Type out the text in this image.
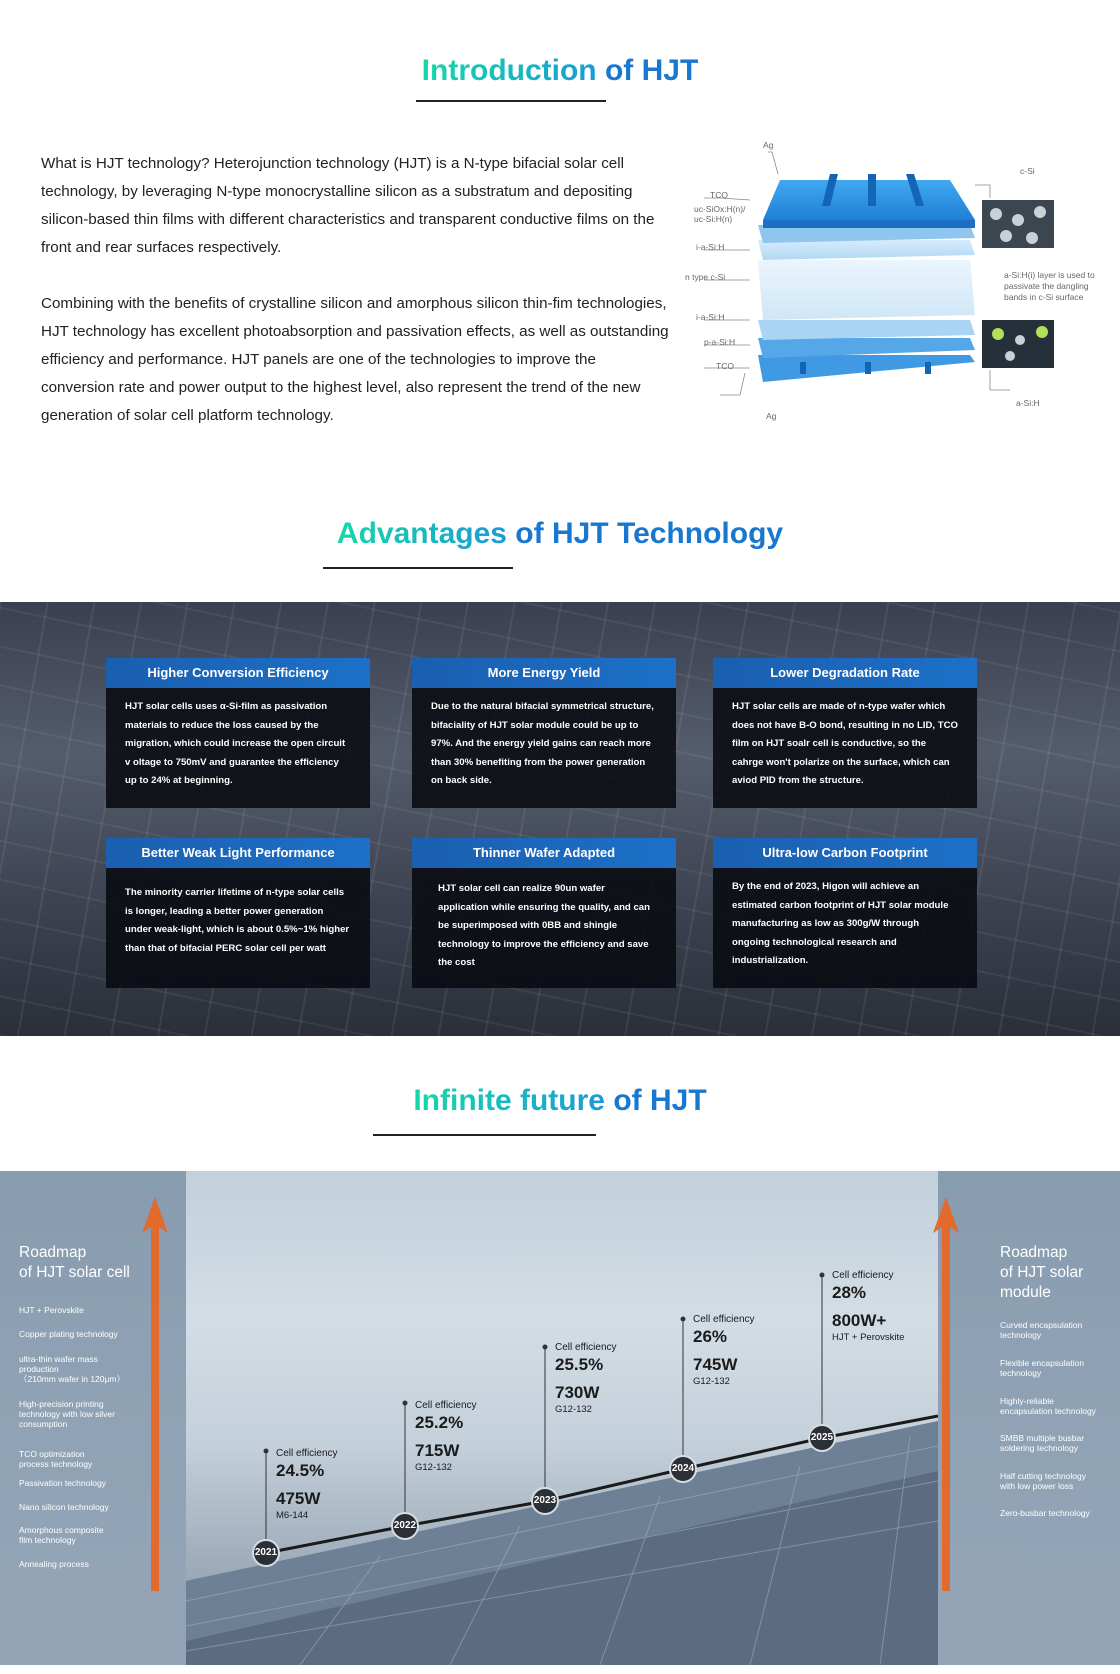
Introduction of HJT

What is HJT technology? Heterojunction technology (HJT) is a N-type bifacial solar cell technology, by leveraging N-type monocrystalline silicon as a substratum and depositing silicon-based thin films with different characteristics and transparent conductive films on the front and rear surfaces respectively.

Combining with the benefits of crystalline silicon and amorphous silicon thin-fim technologies, HJT technology has excellent photoabsorption and passivation effects, as well as outstanding efficiency and performance. HJT panels are one of the technologies to improve the conversion rate and power output to the highest level, also represent the trend of the new generation of solar cell platform technology.

Ag
TCO
uc-SiOx:H(n)/
uc-Si:H(n)
i-a-Si:H
n type c-Si
i-a-Si:H
p-a-Si:H
TCO
Ag
c-Si
a-Si:H(i) layer is used to
passivate the dangling
bands in c-Si surface
a-Si:H
Advantages of HJT Technology
Higher Conversion Efficiency
HJT solar cells uses α-Si-film as passivation materials to reduce the loss caused by the migration, which could increase the open circuit v oltage to 750mV and guarantee the efficiency up to 24% at beginning.
More Energy Yield
Due to the natural bifacial symmetrical structure, bifaciality of HJT solar module could be up to 97%. And the energy yield gains can reach more than 30% benefiting from the power generation on back side.
Lower Degradation Rate
HJT solar cells are made of n-type wafer which does not have B-O bond, resulting in no LID, TCO film on HJT soalr cell is conductive, so the cahrge won't polarize on the surface, which can aviod PID from the structure.
Better Weak Light Performance
The minority carrier lifetime of n-type solar cells is longer, leading a better power generation under weak-light, which is about 0.5%~1% higher than that of bifacial PERC solar cell per watt
Thinner Wafer Adapted
HJT solar cell can realize 90un wafer application while ensuring the quality, and can be superimposed with 0BB and shingle technology to improve the efficiency and save the cost
Ultra-low Carbon Footprint
By the end of 2023, Higon will achieve an estimated carbon footprint of HJT solar module manufacturing as low as 300g/W through ongoing technological research and industrialization.
Infinite future of HJT
Roadmap
of HJT solar cell
HJT + Perovskite
Copper plating technology
ultra-thin wafer mass
production
（210mm wafer in 120μm）
High-precision printing
technology with low silver
consumption
TCO optimization
process technology
Passivation technology
Nano silicon technology
Amorphous composite
film technology
Annealing process
Roadmap
of HJT solar
module
Curved encapsulation
technology
Flexible encapsulation
technology
Highly-reliable
encapsulation technology
SMBB multiple busbar
soldering technology
Half cutting technology
with low power loss
Zero-busbar technology
Cell efficiency
24.5%
475W
M6-144
Cell efficiency
25.2%
715W
G12-132
Cell efficiency
25.5%
730W
G12-132
Cell efficiency
26%
745W
G12-132
Cell efficiency
28%
800W+
HJT + Perovskite
2021
2022
2023
2024
2025
